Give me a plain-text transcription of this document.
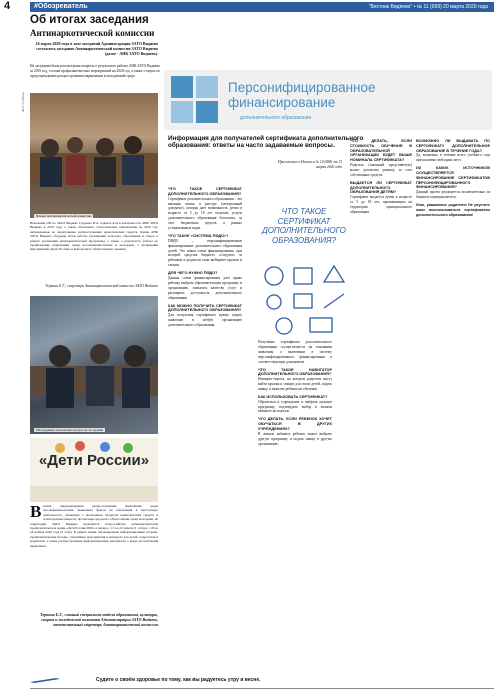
4	#Обозреватель	"Вестник Видяево" • № 11 (699) 20 марта 2020 года
Об итогах заседания
Антинаркотической комиссии
16 марта 2020 года в зале заседаний Администрации ЗАТО Видяево состоялось заседание Антинаркотической комиссии ЗАТО Видяево (далее - АНК ЗАТО Видяево).
Фото Т. Рябчин
На заседании были рассмотрены вопросы о результатах работы АНК ЗАТО Видяево за 2019 год, о плане профилактических мероприятий на 2020 год, а также о мерах по предупреждению распространения наркомании в молодежной среде.
Члены Антинаркотической комиссии
Начальник ОП по ЗАТО Видяево Гордеева В.А. подвела итоги деятельности АНК ЗАТО Видяево в 2019 году, а также обозначила стратегические направления на 2020 год, направленные на недопущение распространения наркотических средств. Члены АНК ЗАТО Видяево обсудили итоги работы учреждений культуры, образования и спорта в рамках реализации антинаркотической программы, а также о результатах работы по профилактике наркомании среди несовершеннолетних и молодежи, о проведении мероприятий «Дети России» и выборочного общественного мнения.
Теркина Е.Г., секретарь Антинаркотической комиссии ЗАТО Видяево
Обсуждение актуальных вопросов заседания
«Дети России»
Вцелях предупреждения распространения наркомании среди несовершеннолетних, выявления фактов их вовлечения в преступную деятельность, связанную с незаконным оборотом наркотических средств и психотропных веществ, пропаганды здорового образа жизни среди молодежи, на территории ЗАТО Видяево проводится всероссийская антинаркотическая профилактическая акция «Дети России-2020» в период с 13 по 22 апреля (1 этап) и с 18 по 18 ноября 2020 года (2 этап). В рамках акции запланированы информационные встречи, профилактические беседы, спортивные мероприятия и конкурсы для детей, подростков и родителей, а также распространение информационных материалов о вреде употребления наркотиков.
Теркина Е.Г., главный специалист отдела образования, культуры, спорта и молодежной политики Администрации ЗАТО Видяево, ответственный секретарь Антинаркотической комиссии
Судите о своём здоровье по тому, как вы радуетесь утру и весне.
Персонифицированное
финансирование
дополнительного образования
Информация для получателей сертификата дополнительного образования: ответы на часто задаваемые вопросы.
Приложение к Начало в № 10 (698) от 13 марта 2020 года
ЧТО ТАКОЕ СЕРТИФИКАТ ДОПОЛНИТЕЛЬНОГО ОБРАЗОВАНИЯ?

Сертификат дополнительного образования – это именная запись в реестре (электронный документ), которая дает возможность детям в возрасте от 5 до 18 лет получать услуги дополнительного образования бесплатно, за счет бюджетных средств, в рамках установленных норм.

ЧТО ТАКОЕ «СИСТЕМА ПФДО»?

ПФДО – персонифицированное финансирование дополнительного образования детей. Это новая схема финансирования, при которой средства бюджета «следуют» за ребенком и родители сами выбирают кружки и секции.

ДЛЯ ЧЕГО НУЖНО ПФДО?

Данная схема финансирования дает право ребенку выбрать образовательную программу и организацию, повысить качество услуг и расширить доступность дополнительного образования.

КАК МОЖНО ПОЛУЧИТЬ СЕРТИФИКАТ ДОПОЛНИТЕЛЬНОГО ОБРАЗОВАНИЯ?

Для получения сертификата нужно подать заявление в любую организацию дополнительного образования.

ЧТО ТАКОЕ СЕРТИФИКАТ ДОПОЛНИТЕЛЬНОГО ОБРАЗОВАНИЯ?

Получение сертификата дополнительного образования осуществляется на основании заявления о включении в систему персонифицированного финансирования и соответствующих документов.

ЧТО ТАКОЕ НАВИГАТОР ДОПОЛНИТЕЛЬНОГО ОБРАЗОВАНИЯ?

Интернет-портал, на котором родители могут найти кружки и секции для своих детей, подать заявку и записать ребенка на обучение.

КАК ИСПОЛЬЗОВАТЬ СЕРТИФИКАТ?

Обратиться в учреждение и выбрать нужную программу, подтвердить выбор в личном кабинете на портале.

ЧТО ДЕЛАТЬ, ЕСЛИ РЕБЕНОК ХОЧЕТ ОБУЧАТЬСЯ В ДРУГИХ УЧРЕЖДЕНИЯХ?

В личном кабинете ребенок может выбрать другую программу и подать заявку в другую организацию.

ЧТО ДЕЛАТЬ, ЕСЛИ СТОИМОСТЬ ОБУЧЕНИЯ В ОБРАЗОВАТЕЛЬНОЙ ОРГАНИЗАЦИИ БУДЕТ ВЫШЕ НОМИНАЛА СЕРТИФИКАТА?

Родитель (законный представитель) может доплатить разницу за счет собственных средств.

ВЫДАЕТСЯ ЛИ СЕРТИФИКАТ ДОПОЛНИТЕЛЬНОГО ОБРАЗОВАНИЯ ДЕТЯМ?

Сертификат выдается детям в возрасте от 5 до 18 лет, проживающим на территории муниципального образования.

ВОЗМОЖНО ЛИ ВЫДАВАТЬ ПО СЕРТИФИКАТУ ДОПОЛНИТЕЛЬНОЕ ОБРАЗОВАНИЕ В ТЕЧЕНИЕ ГОДА?

Да, возможно в течение всего учебного года при наличии свободных мест.

ИЗ КАКИХ ИСТОЧНИКОВ ОСУЩЕСТВЛЯЕТСЯ ФИНАНСИРОВАНИЕ СЕРТИФИКАТОВ ПЕРСОНИФИЦИРОВАННОГО ФИНАНСИРОВАНИЯ?

Данный проект реализуется исключительно из бюджета муниципалитета.

Итак, уважаемые родители! Не упустите шанс воспользоваться сертификатом дополнительного образования!
